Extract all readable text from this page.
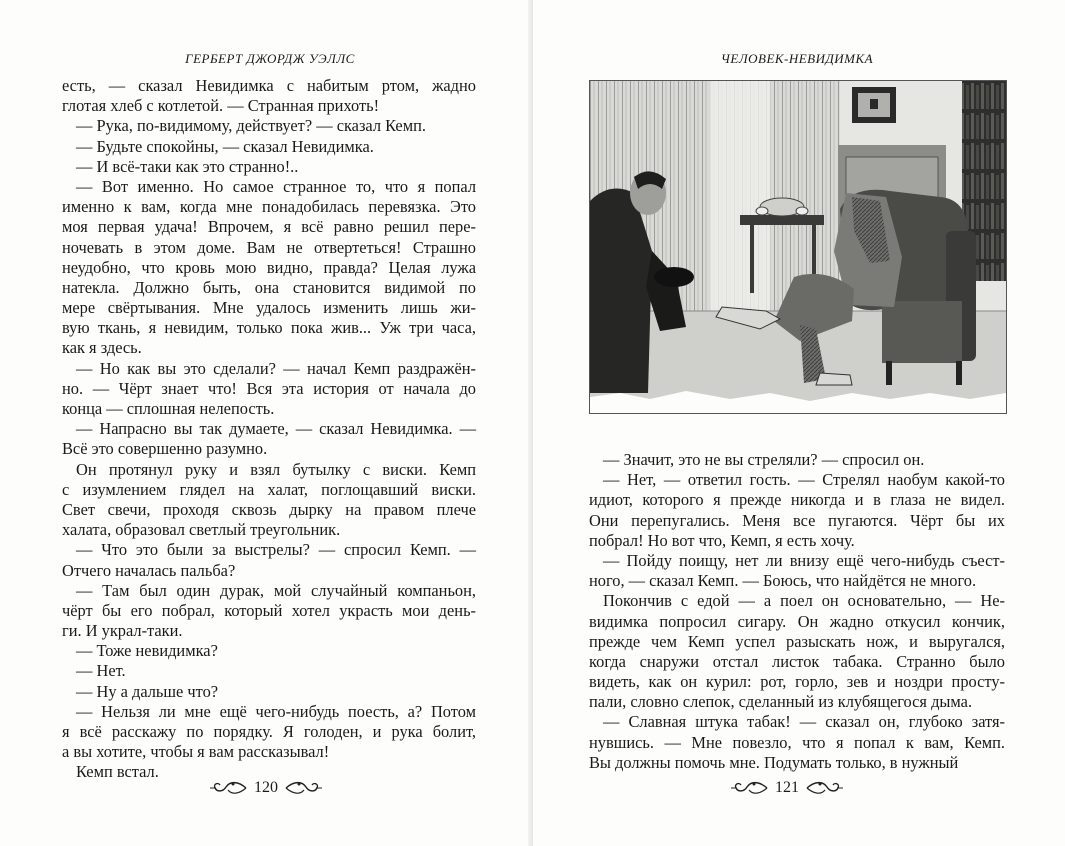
ГЕРБЕРТ ДЖОРДЖ УЭЛЛС
есть, — сказал Невидимка с набитым ртом, жадно
глотая хлеб с котлетой. — Странная прихоть!
— Рука, по-видимому, действует? — сказал Кемп.
— Будьте спокойны, — сказал Невидимка.
— И всё-таки как это странно!..
— Вот именно. Но самое странное то, что я попал
именно к вам, когда мне понадобилась перевязка. Это
моя первая удача! Впрочем, я всё равно решил пере-
ночевать в этом доме. Вам не отвертеться! Страшно
неудобно, что кровь мою видно, правда? Целая лужа
натекла. Должно быть, она становится видимой по
мере свёртывания. Мне удалось изменить лишь жи-
вую ткань, я невидим, только пока жив... Уж три часа,
как я здесь.
— Но как вы это сделали? — начал Кемп раздражён-
но. — Чёрт знает что! Вся эта история от начала до
конца — сплошная нелепость.
— Напрасно вы так думаете, — сказал Невидимка. —
Всё это совершенно разумно.
Он протянул руку и взял бутылку с виски. Кемп
с изумлением глядел на халат, поглощавший виски.
Свет свечи, проходя сквозь дырку на правом плече
халата, образовал светлый треугольник.
— Что это были за выстрелы? — спросил Кемп. —
Отчего началась пальба?
— Там был один дурак, мой случайный компаньон,
чёрт бы его побрал, который хотел украсть мои день-
ги. И украл-таки.
— Тоже невидимка?
— Нет.
— Ну а дальше что?
— Нельзя ли мне ещё чего-нибудь поесть, а? Потом
я всё расскажу по порядку. Я голоден, и рука болит,
а вы хотите, чтобы я вам рассказывал!
Кемп встал.
120
ЧЕЛОВЕК-НЕВИДИМКА
— Значит, это не вы стреляли? — спросил он.
— Нет, — ответил гость. — Стрелял наобум какой-то
идиот, которого я прежде никогда и в глаза не видел.
Они перепугались. Меня все пугаются. Чёрт бы их
побрал! Но вот что, Кемп, я есть хочу.
— Пойду поищу, нет ли внизу ещё чего-нибудь съест-
ного, — сказал Кемп. — Боюсь, что найдётся не много.
Покончив с едой — а поел он основательно, — Не-
видимка попросил сигару. Он жадно откусил кончик,
прежде чем Кемп успел разыскать нож, и выругался,
когда снаружи отстал листок табака. Странно было
видеть, как он курил: рот, горло, зев и ноздри просту-
пали, словно слепок, сделанный из клубящегося дыма.
— Славная штука табак! — сказал он, глубоко затя-
нувшись. — Мне повезло, что я попал к вам, Кемп.
Вы должны помочь мне. Подумать только, в нужный
121
